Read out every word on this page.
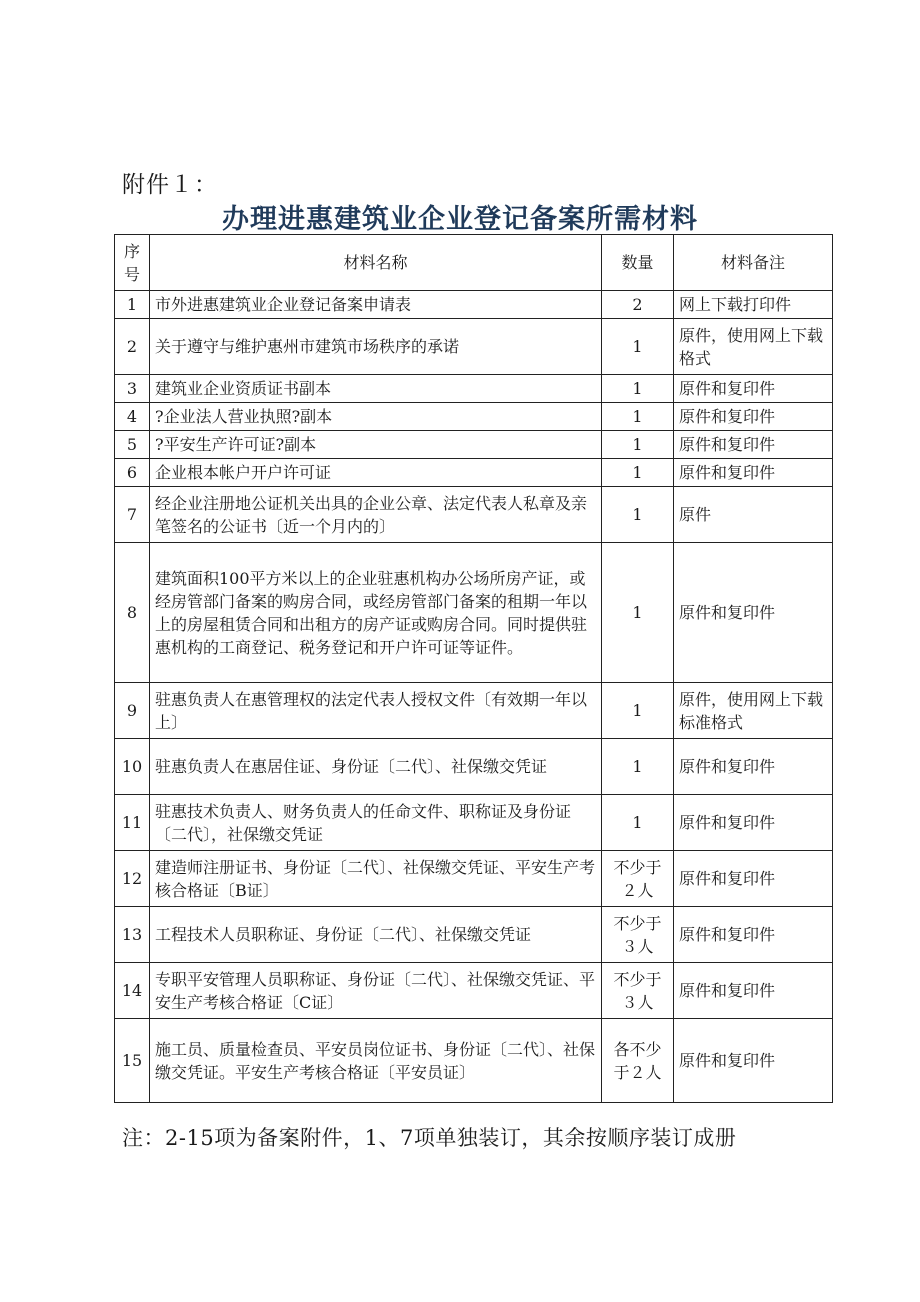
附件１：
办理进惠建筑业企业登记备案所需材料
序号	材料名称	数量	材料备注
1	市外进惠建筑业企业登记备案申请表	2	网上下载打印件
2	关于遵守与维护惠州市建筑市场秩序的承诺	1	原件，使用网上下载格式
3	建筑业企业资质证书副本	1	原件和复印件
4	?企业法人营业执照?副本	1	原件和复印件
5	?平安生产许可证?副本	1	原件和复印件
6	企业根本帐户开户许可证	1	原件和复印件
7	经企业注册地公证机关出具的企业公章、法定代表人私章及亲笔签名的公证书〔近一个月内的〕	1	原件
8	建筑面积100平方米以上的企业驻惠机构办公场所房产证，或经房管部门备案的购房合同，或经房管部门备案的租期一年以上的房屋租赁合同和出租方的房产证或购房合同。同时提供驻惠机构的工商登记、税务登记和开户许可证等证件。	1	原件和复印件
9	驻惠负责人在惠管理权的法定代表人授权文件〔有效期一年以上〕	1	原件，使用网上下载标准格式
10	驻惠负责人在惠居住证、身份证〔二代〕、社保缴交凭证	1	原件和复印件
11	驻惠技术负责人、财务负责人的任命文件、职称证及身份证〔二代〕，社保缴交凭证	1	原件和复印件
12	建造师注册证书、身份证〔二代〕、社保缴交凭证、平安生产考核合格证〔B证〕	不少于２人	原件和复印件
13	工程技术人员职称证、身份证〔二代〕、社保缴交凭证	不少于３人	原件和复印件
14	专职平安管理人员职称证、身份证〔二代〕、社保缴交凭证、平安生产考核合格证〔C证〕	不少于３人	原件和复印件
15	施工员、质量检查员、平安员岗位证书、身份证〔二代〕、社保缴交凭证。平安生产考核合格证〔平安员证〕	各不少于２人	原件和复印件
注：2-15项为备案附件，1、7项单独装订，其余按顺序装订成册
